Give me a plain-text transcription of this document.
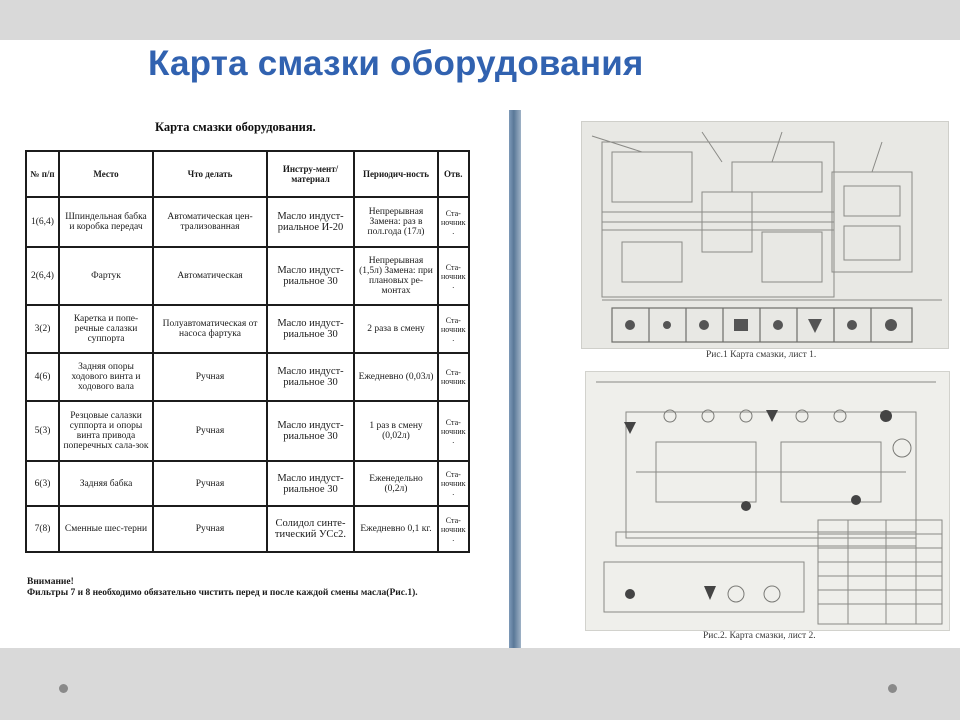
Карта смазки оборудования
Карта смазки оборудования.
№ п/п	Место	Что делать	Инстру-мент/материал	Периодич-ность	Отв.
1(6,4)	Шпиндельная бабка и коробка передач	Автоматическая цен-трализованная	Масло индуст-риальное И-20	Непрерывная Замена: раз в пол.года (17л)	Ста-ночник .
2(6,4)	Фартук	Автоматическая	Масло индуст-риальное 30	Непрерывная (1,5л) Замена: при плановых ре-монтах	Ста-ночник .
3(2)	Каретка и попе-речные салазки суппорта	Полуавтоматическая от насоса фартука	Масло индуст-риальное 30	2 раза в смену	Ста-ночник .
4(6)	Задняя опоры ходового винта и ходового вала	Ручная	Масло индуст-риальное 30	Ежедневно (0,03л)	Ста-ночник
5(3)	Резцовые салазки суппорта и опоры винта привода поперечных сала-зок	Ручная	Масло индуст-риальное 30	1 раз в смену (0,02л)	Ста-ночник .
6(3)	Задняя бабка	Ручная	Масло индуст-риальное 30	Еженедельно (0,2л)	Ста-ночник .
7(8)	Сменные шес-терни	Ручная	Солидол синте-тический УСс2.	Ежедневно 0,1 кг.	Ста-ночник .
Внимание!
Фильтры 7 и 8 необходимо обязательно чистить перед и после каждой смены масла(Рис.1).
Рис.1 Карта смазки, лист 1.
Рис.2. Карта смазки, лист 2.
